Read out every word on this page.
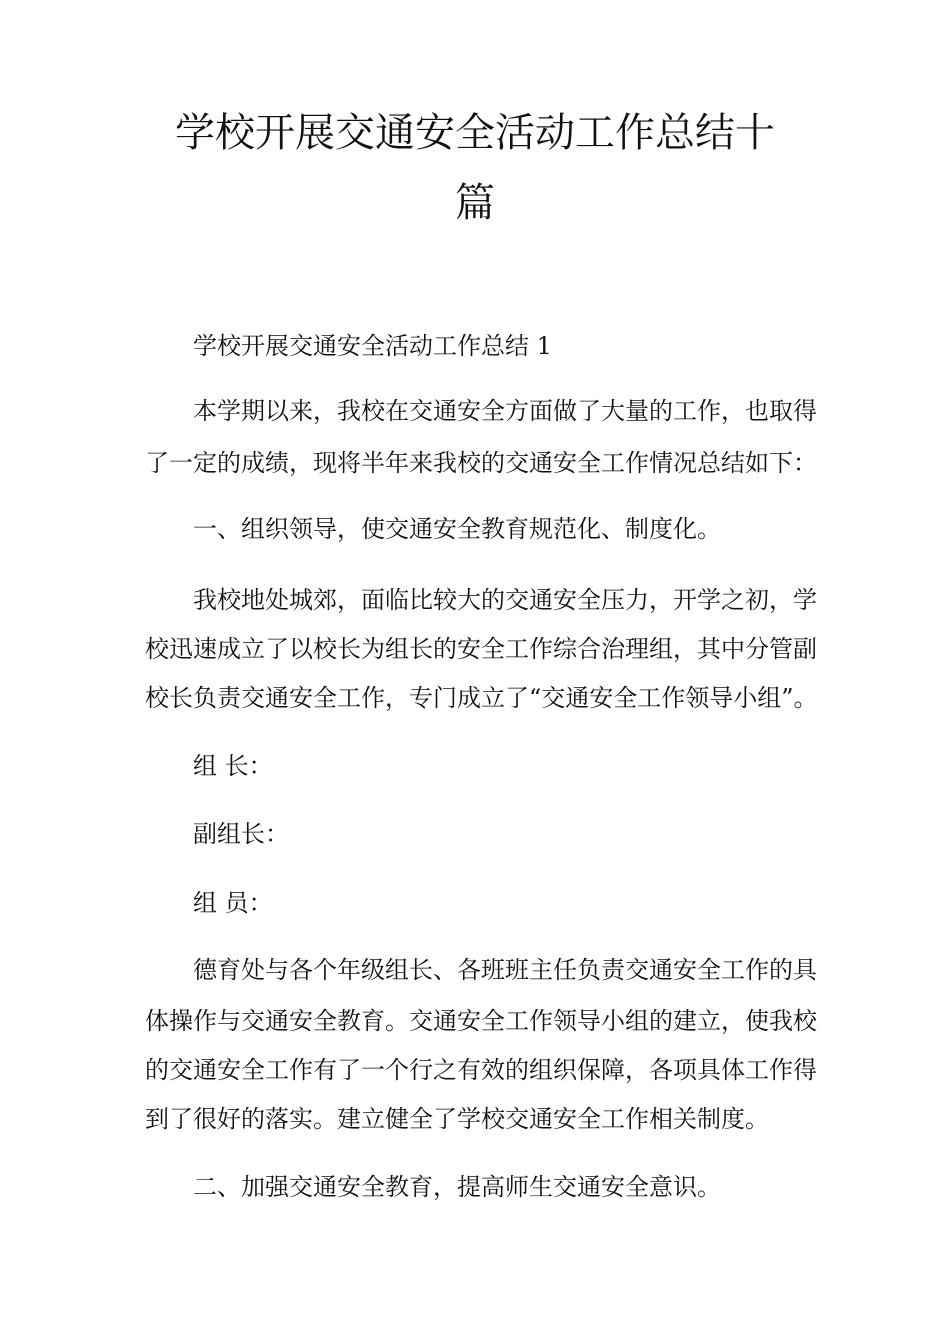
学校开展交通安全活动工作总结十
篇

学校开展交通安全活动工作总结 1

本学期以来，我校在交通安全方面做了大量的工作，也取得

了一定的成绩，现将半年来我校的交通安全工作情况总结如下：

一、组织领导，使交通安全教育规范化、制度化。

我校地处城郊，面临比较大的交通安全压力，开学之初，学

校迅速成立了以校长为组长的安全工作综合治理组，其中分管副

校长负责交通安全工作，专门成立了“交通安全工作领导小组”。

组 长：

副组长：

组 员：

德育处与各个年级组长、各班班主任负责交通安全工作的具

体操作与交通安全教育。交通安全工作领导小组的建立，使我校

的交通安全工作有了一个行之有效的组织保障，各项具体工作得

到了很好的落实。建立健全了学校交通安全工作相关制度。

二、加强交通安全教育，提高师生交通安全意识。
